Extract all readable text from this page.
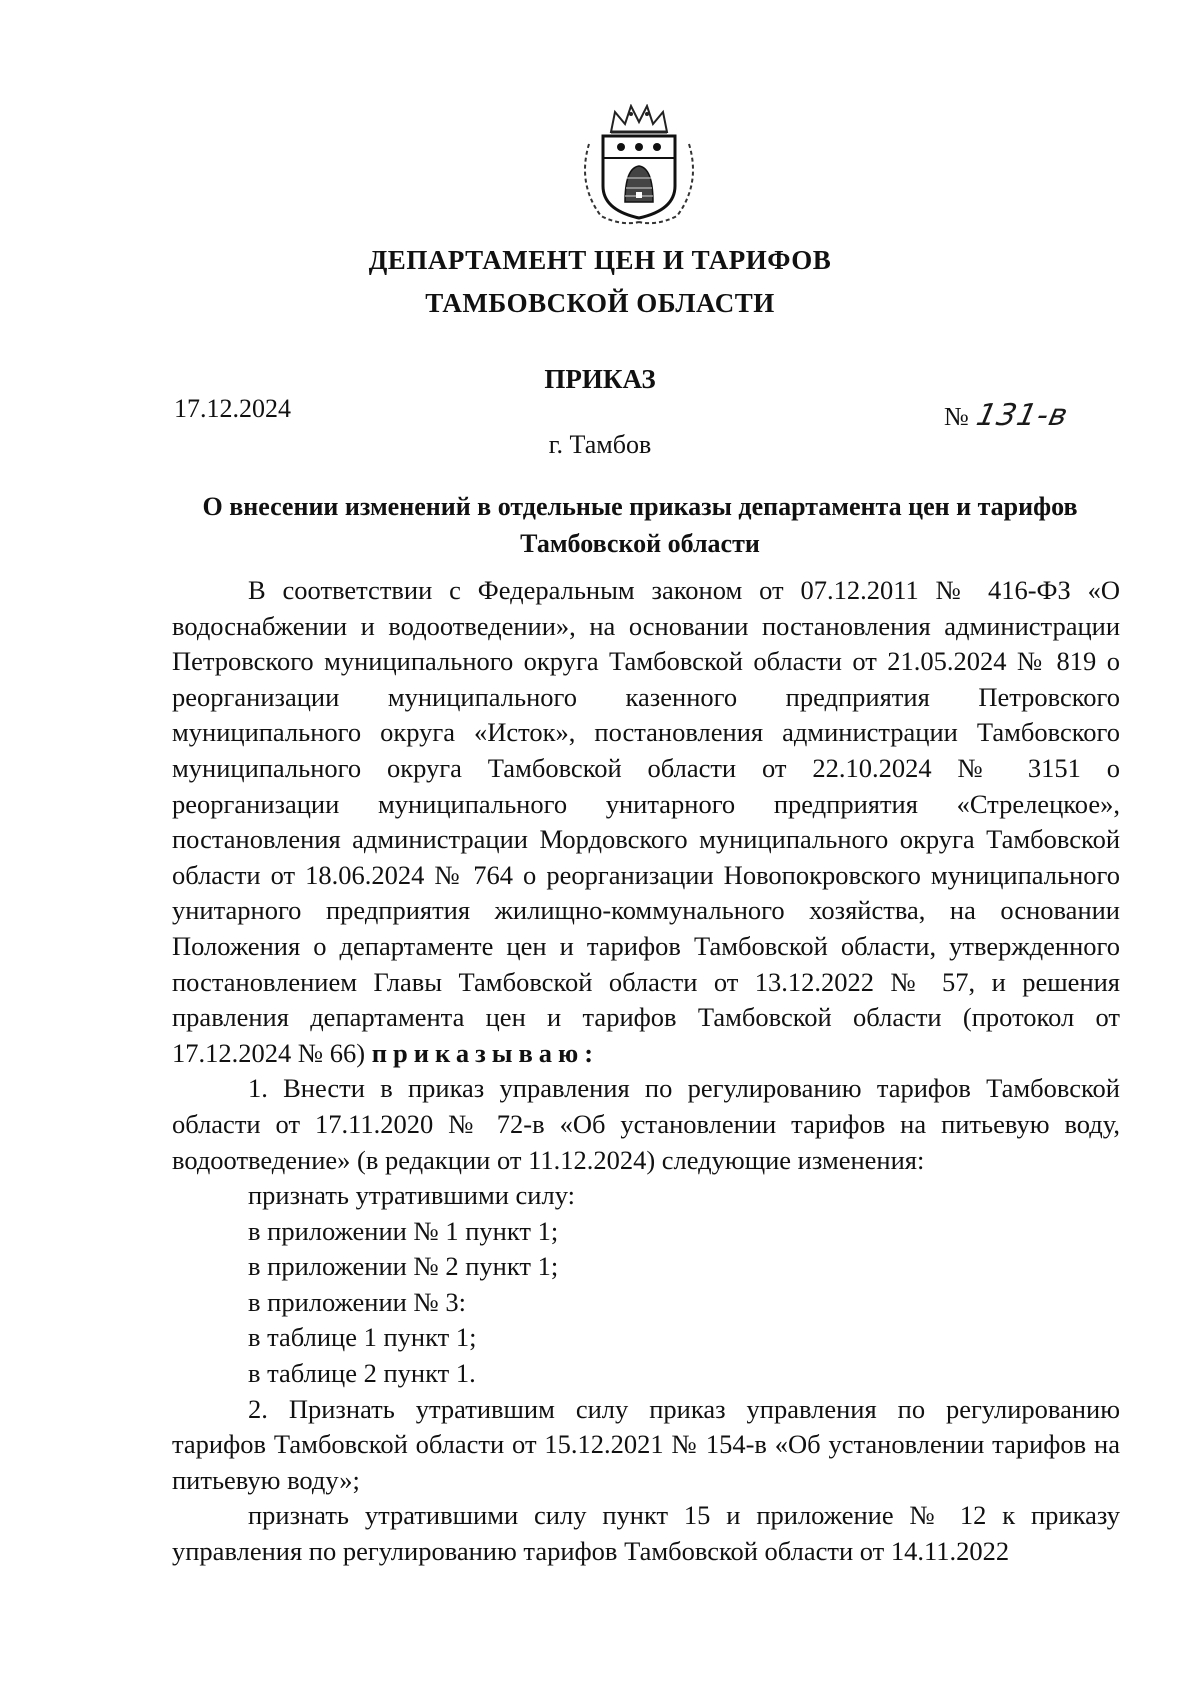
ДЕПАРТАМЕНТ ЦЕН И ТАРИФОВ
ТАМБОВСКОЙ ОБЛАСТИ
ПРИКАЗ
17.12.2024	№ 131-в
г. Тамбов
О внесении изменений в отдельные приказы департамента цен и тарифов Тамбовской области

В соответствии с Федеральным законом от 07.12.2011 № 416-ФЗ «О водоснабжении и водоотведении», на основании постановления администрации Петровского муниципального округа Тамбовской области от 21.05.2024 № 819 о реорганизации муниципального казенного предприятия Петровского муниципального округа «Исток», постановления администрации Тамбовского муниципального округа Тамбовской области от 22.10.2024 № 3151 о реорганизации муниципального унитарного предприятия «Стрелецкое», постановления администрации Мордовского муниципального округа Тамбовской области от 18.06.2024 № 764 о реорганизации Новопокровского муниципального унитарного предприятия жилищно-коммунального хозяйства, на основании Положения о департаменте цен и тарифов Тамбовской области, утвержденного постановлением Главы Тамбовской области от 13.12.2022 № 57, и решения правления департамента цен и тарифов Тамбовской области (протокол от 17.12.2024 № 66) приказываю:

1. Внести в приказ управления по регулированию тарифов Тамбовской области от 17.11.2020 № 72-в «Об установлении тарифов на питьевую воду, водоотведение» (в редакции от 11.12.2024) следующие изменения:

признать утратившими силу:

в приложении № 1 пункт 1;

в приложении № 2 пункт 1;

в приложении № 3:

в таблице 1 пункт 1;

в таблице 2 пункт 1.

2. Признать утратившим силу приказ управления по регулированию тарифов Тамбовской области от 15.12.2021 № 154-в «Об установлении тарифов на питьевую воду»;

признать утратившими силу пункт 15 и приложение № 12 к приказу управления по регулированию тарифов Тамбовской области от 14.11.2022
